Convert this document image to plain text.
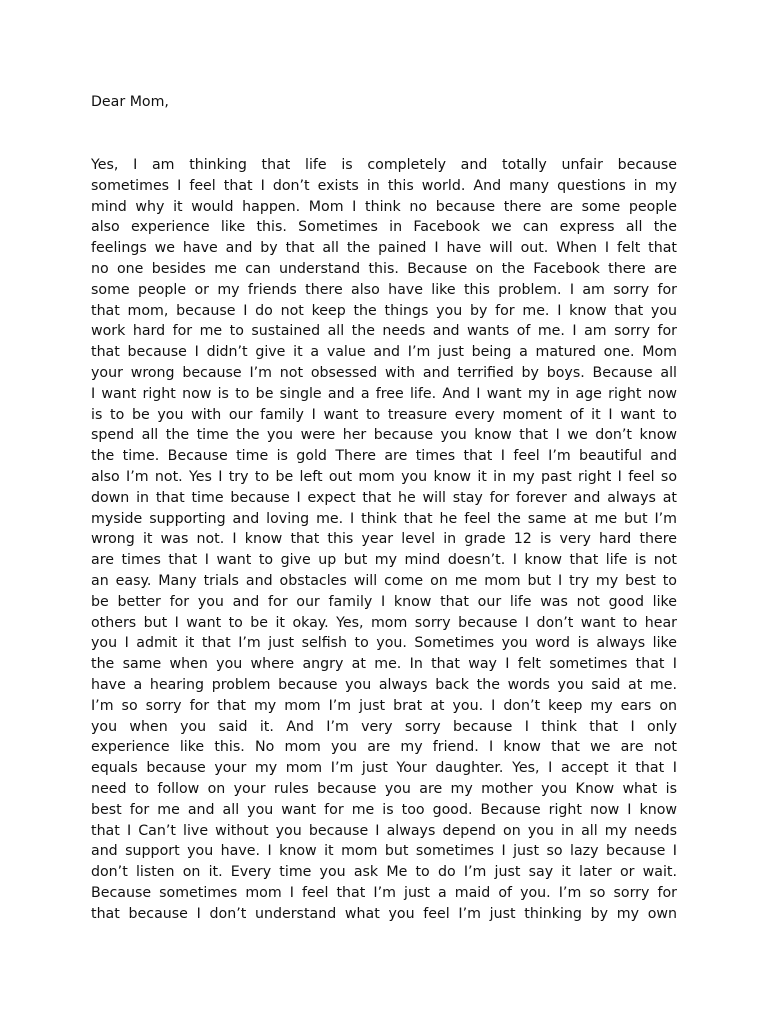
Dear Mom,

Yes, I am thinking that life is completely and totally unfair because
sometimes I feel that I don’t exists in this world. And many questions in my
mind why it would happen. Mom I think no because there are some people
also experience like this. Sometimes in Facebook we can express all the
feelings we have and by that all the pained I have will out. When I felt that
no one besides me can understand this. Because on the Facebook there are
some people or my friends there also have like this problem. I am sorry for
that mom, because I do not keep the things you by for me. I know that you
work hard for me to sustained all the needs and wants of me. I am sorry for
that because I didn’t give it a value and I’m just being a matured one. Mom
your wrong because I’m not obsessed with and terrified by boys. Because all
I want right now is to be single and a free life. And I want my in age right now
is to be you with our family I want to treasure every moment of it I want to
spend all the time the you were her because you know that I we don’t know
the time. Because time is gold There are times that I feel I’m beautiful and
also I’m not. Yes I try to be left out mom you know it in my past right I feel so
down in that time because I expect that he will stay for forever and always at
myside supporting and loving me. I think that he feel the same at me but I’m
wrong it was not. I know that this year level in grade 12 is very hard there
are times that I want to give up but my mind doesn’t. I know that life is not
an easy. Many trials and obstacles will come on me mom but I try my best to
be better for you and for our family I know that our life was not good like
others but I want to be it okay. Yes, mom sorry because I don’t want to hear
you I admit it that I’m just selfish to you. Sometimes you word is always like
the same when you where angry at me. In that way I felt sometimes that I
have a hearing problem because you always back the words you said at me.
I’m so sorry for that my mom I’m just brat at you. I don’t keep my ears on
you when you said it. And I’m very sorry because I think that I only
experience like this. No mom you are my friend. I know that we are not
equals because your my mom I’m just Your daughter. Yes, I accept it that I
need to follow on your rules because you are my mother you Know what is
best for me and all you want for me is too good. Because right now I know
that I Can’t live without you because I always depend on you in all my needs
and support you have. I know it mom but sometimes I just so lazy because I
don’t listen on it. Every time you ask Me to do I’m just say it later or wait.
Because sometimes mom I feel that I’m just a maid of you. I’m so sorry for
that because I don’t understand what you feel I’m just thinking by my own
